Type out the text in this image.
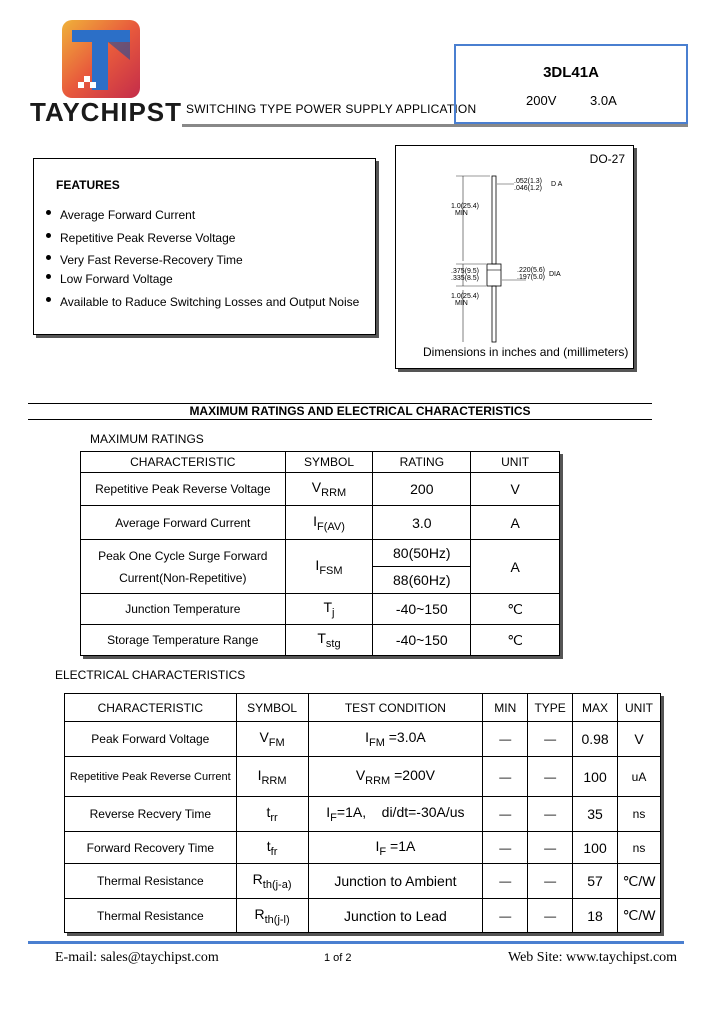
TAYCHIPST SWITCHING TYPE POWER SUPPLY APPLICATION
3DL41A
200V	3.0A
FEATURES
Average Forward Current
Repetitive Peak Reverse Voltage
Very Fast Reverse-Recovery Time
Low Forward Voltage
Available to Raduce Switching Losses and Output Noise
DO-27
.052(1.3)
.046(1.2)
D A
1.0(25.4)
MIN
.375(9.5)
.335(8.5)
.220(5.6)
.197(5.0) DIA
1.0(25.4)
MIN
Dimensions in inches and (millimeters)
MAXIMUM RATINGS AND ELECTRICAL CHARACTERISTICS
MAXIMUM RATINGS
CHARACTERISTIC	SYMBOL	RATING	UNIT
Repetitive Peak Reverse Voltage	$V_{RRM}$	200	V
Average Forward Current	$I_{F(AV)}$	3.0	A
Peak One Cycle Surge Forward
Current(Non-Repetitive)	$I_{FSM}$	80(50Hz)	A
		88(60Hz)	
Junction Temperature	$T_j$	-40~150	℃
Storage Temperature Range	$T_{stg}$	-40~150	℃
ELECTRICAL CHARACTERISTICS
CHARACTERISTIC	SYMBOL	TEST CONDITION	MIN	TYPE	MAX	UNIT
Peak Forward Voltage	$V_{FM}$	$I_{FM} =3.0A$	—	—	0.98	V
Repetitive Peak Reverse Current	$I_{RRM}$	$V_{RRM} =200V$	—	—	100	uA
Reverse Recvery Time	$t_{rr}$	$I_F=1A$,    di/dt=-30A/us	—	—	35	ns
Forward Recovery Time	$t_{fr}$	$I_F =1A$	—	—	100	ns
Thermal Resistance	$R_{th(j-a)}$	Junction to Ambient	—	—	57	℃/W
Thermal Resistance	$R_{th(j-l)}$	Junction to Lead	—	—	18	℃/W
E-mail: sales@taychipst.com	1 of 2	Web Site: www.taychipst.com
